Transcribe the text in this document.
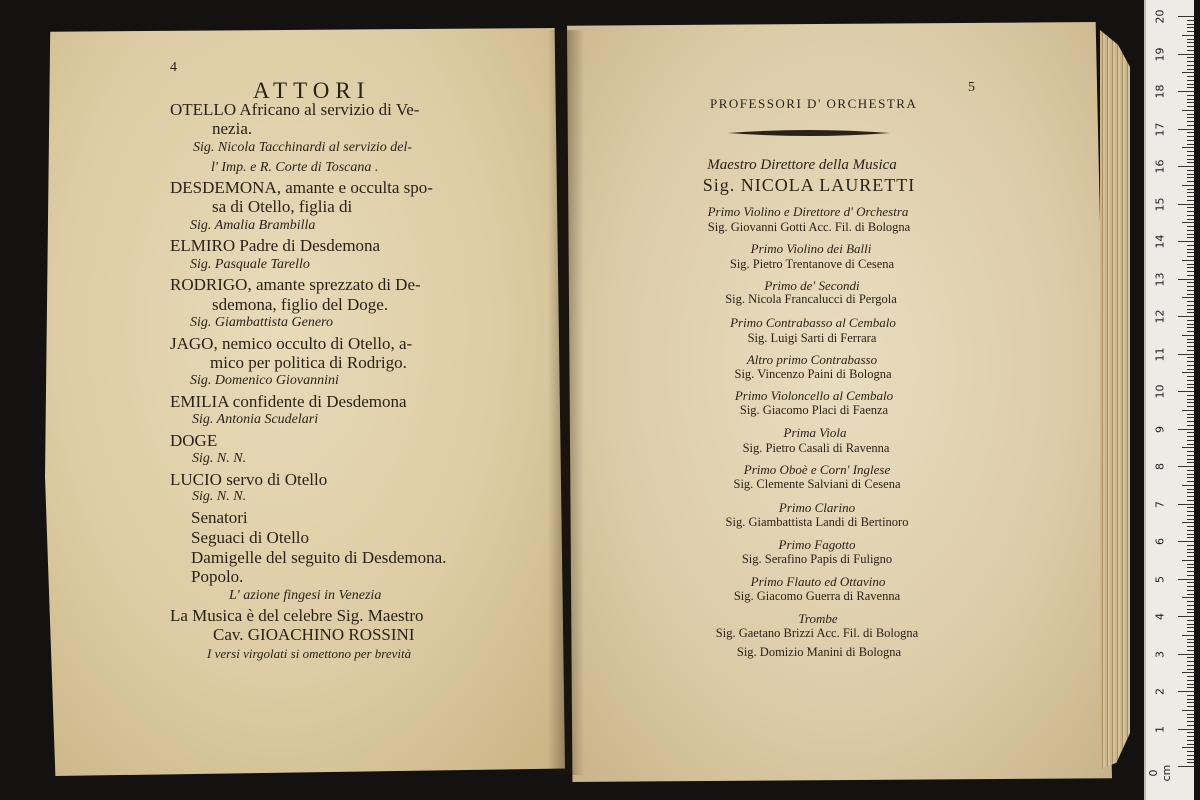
4
ATTORI
OTELLO Africano al servizio di Ve-
nezia.
Sig. Nicola Tacchinardi al servizio del-
l' Imp. e R. Corte di Toscana .
DESDEMONA, amante e occulta spo-
sa di Otello, figlia di
Sig. Amalia Brambilla
ELMIRO Padre di Desdemona
Sig. Pasquale Tarello
RODRIGO, amante sprezzato di De-
sdemona, figlio del Doge.
Sig. Giambattista Genero
JAGO, nemico occulto di Otello, a-
mico per politica di Rodrigo.
Sig. Domenico Giovannini
EMILIA confidente di Desdemona
Sig. Antonia Scudelari
DOGE
Sig. N. N.
LUCIO servo di Otello
Sig. N. N.
Senatori
Seguaci di Otello
Damigelle del seguito di Desdemona.
Popolo.
L' azione fingesi in Venezia
La Musica è del celebre Sig. Maestro
Cav. GIOACHINO ROSSINI
I versi virgolati si omettono per brevità
5
PROFESSORI D' ORCHESTRA
Maestro Direttore della Musica
Sig. NICOLA LAURETTI
Primo Violino e Direttore d' Orchestra
Sig. Giovanni Gotti Acc. Fil. di Bologna
Primo Violino dei Balli
Sig. Pietro Trentanove di Cesena
Primo de' Secondi
Sig. Nicola Francalucci di Pergola
Primo Contrabasso al Cembalo
Sig. Luigi Sarti di Ferrara
Altro primo Contrabasso
Sig. Vincenzo Paini di Bologna
Primo Violoncello al Cembalo
Sig. Giacomo Placi di Faenza
Prima Viola
Sig. Pietro Casali di Ravenna
Primo Oboè e Corn' Inglese
Sig. Clemente Salviani di Cesena
Primo Clarino
Sig. Giambattista Landi di Bertinoro
Primo Fagotto
Sig. Serafino Papis di Fuligno
Primo Flauto ed Ottavino
Sig. Giacomo Guerra di Ravenna
Trombe
Sig. Gaetano Brizzi Acc. Fil. di Bologna
Sig. Domizio Manini di Bologna
20
19
18
17
16
15
14
13
12
11
10
9
8
7
6
5
4
3
2
1
0 cm
